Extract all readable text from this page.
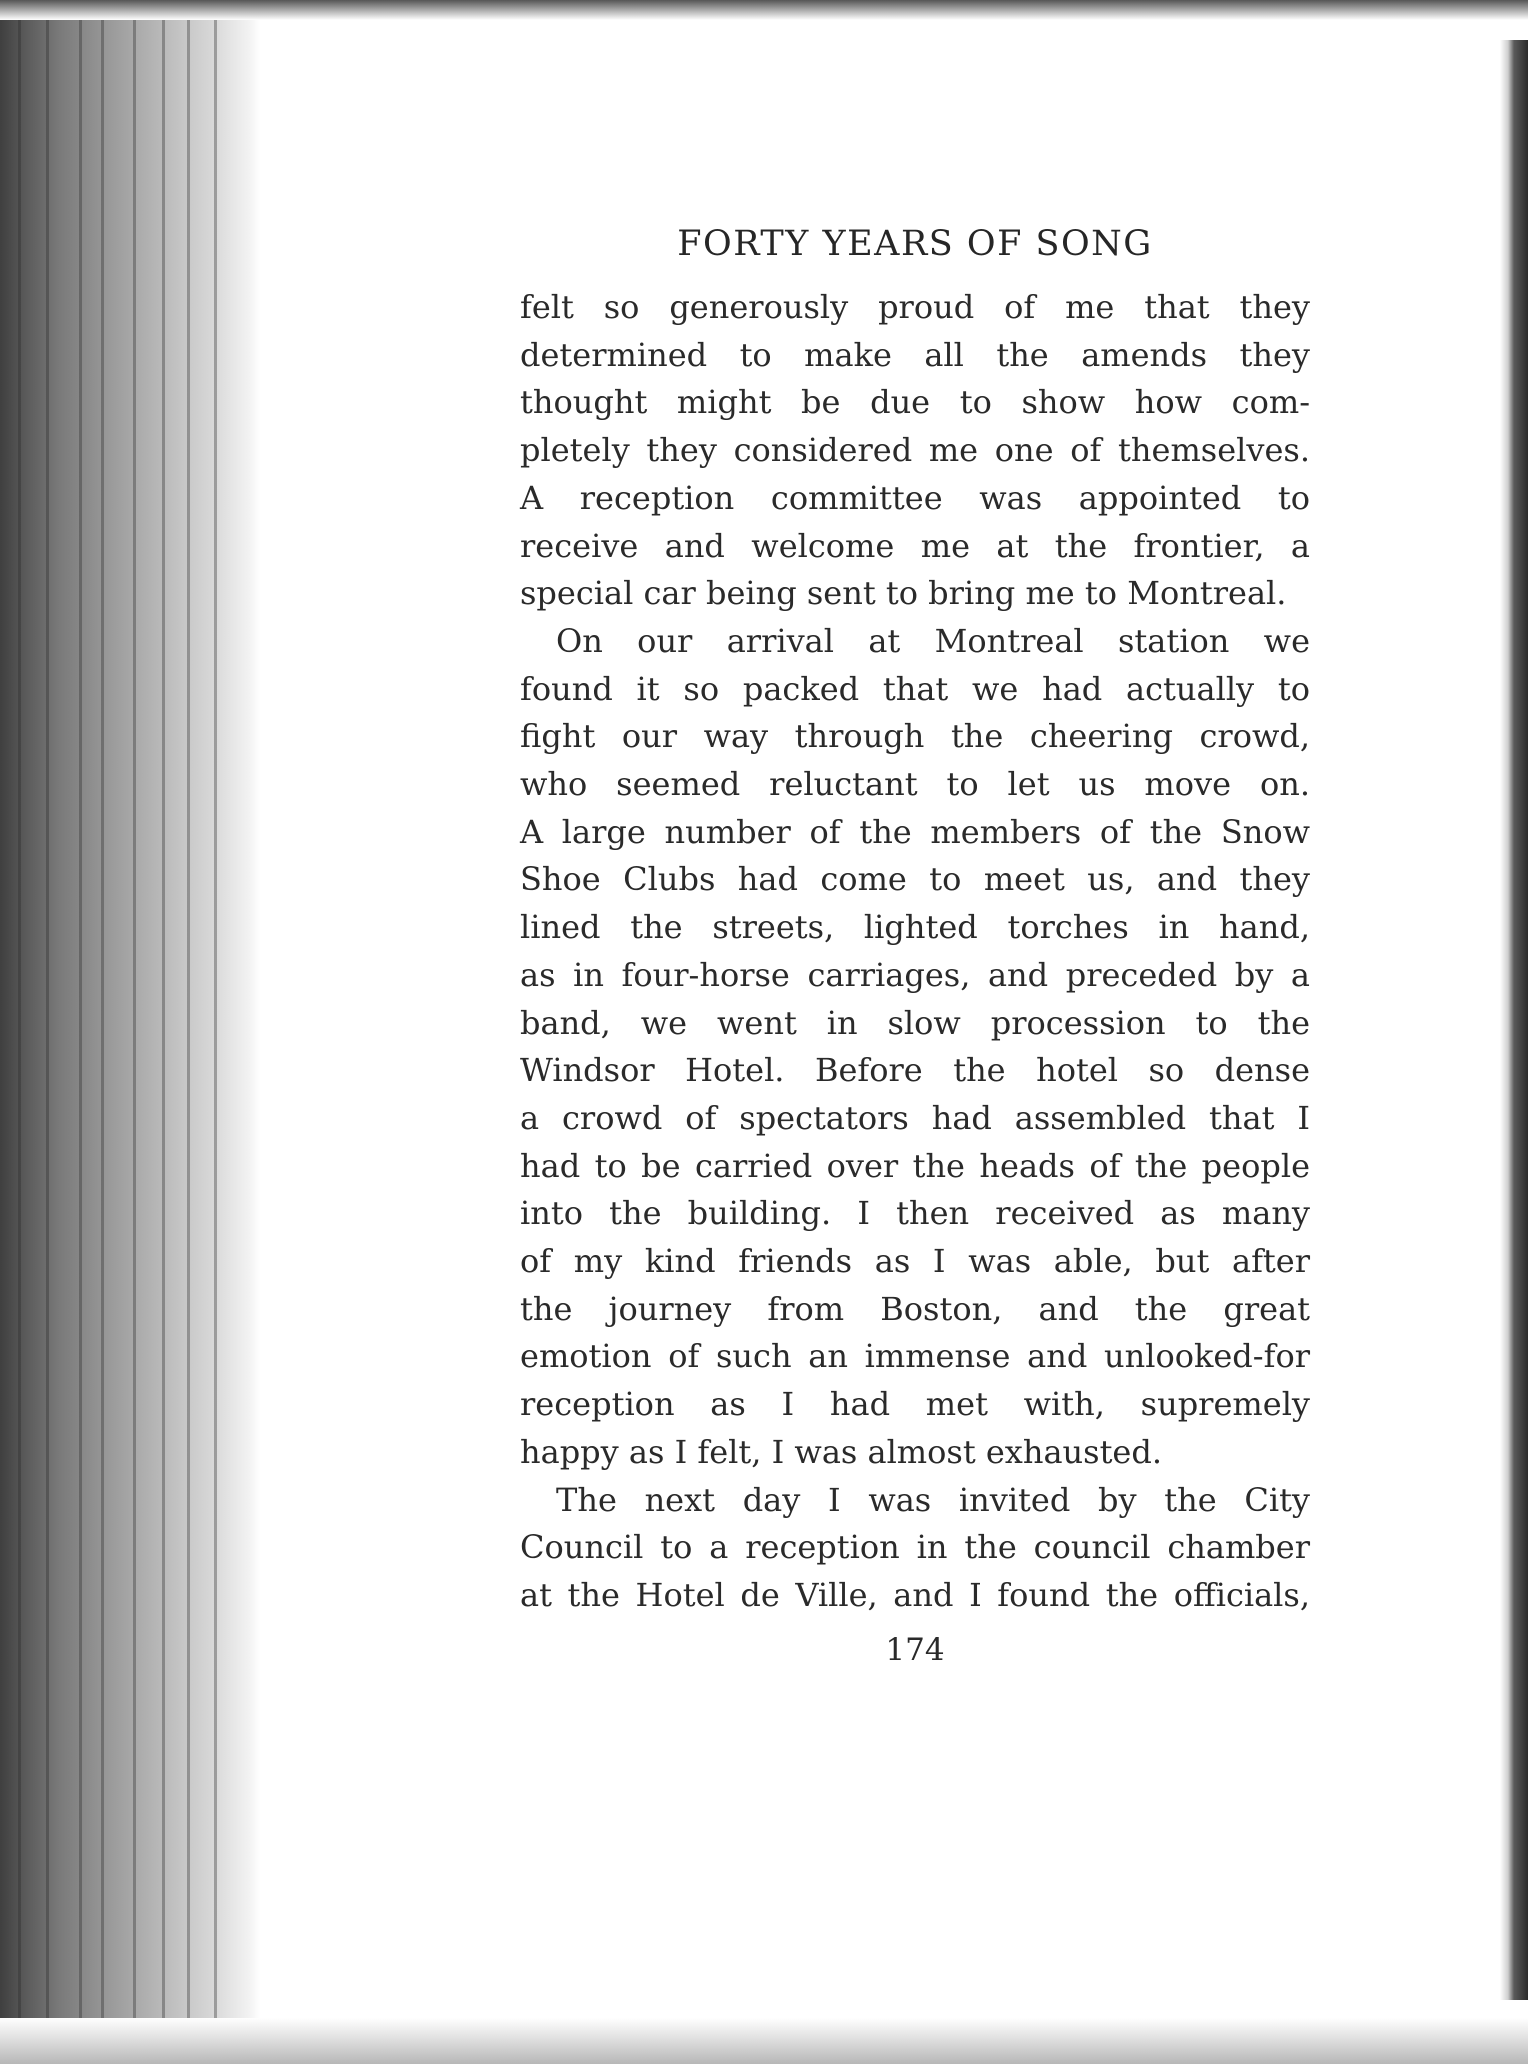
FORTY YEARS OF SONG

felt so generously proud of me that they

determined to make all the amends they

thought might be due to show how com-

pletely they considered me one of themselves.

A reception committee was appointed to

receive and welcome me at the frontier, a

special car being sent to bring me to Montreal.

On our arrival at Montreal station we

found it so packed that we had actually to

fight our way through the cheering crowd,

who seemed reluctant to let us move on.

A large number of the members of the Snow

Shoe Clubs had come to meet us, and they

lined the streets, lighted torches in hand,

as in four-horse carriages, and preceded by a

band, we went in slow procession to the

Windsor Hotel. Before the hotel so dense

a crowd of spectators had assembled that I

had to be carried over the heads of the people

into the building. I then received as many

of my kind friends as I was able, but after

the journey from Boston, and the great

emotion of such an immense and unlooked-for

reception as I had met with, supremely

happy as I felt, I was almost exhausted.

The next day I was invited by the City

Council to a reception in the council chamber

at the Hotel de Ville, and I found the officials,

174
